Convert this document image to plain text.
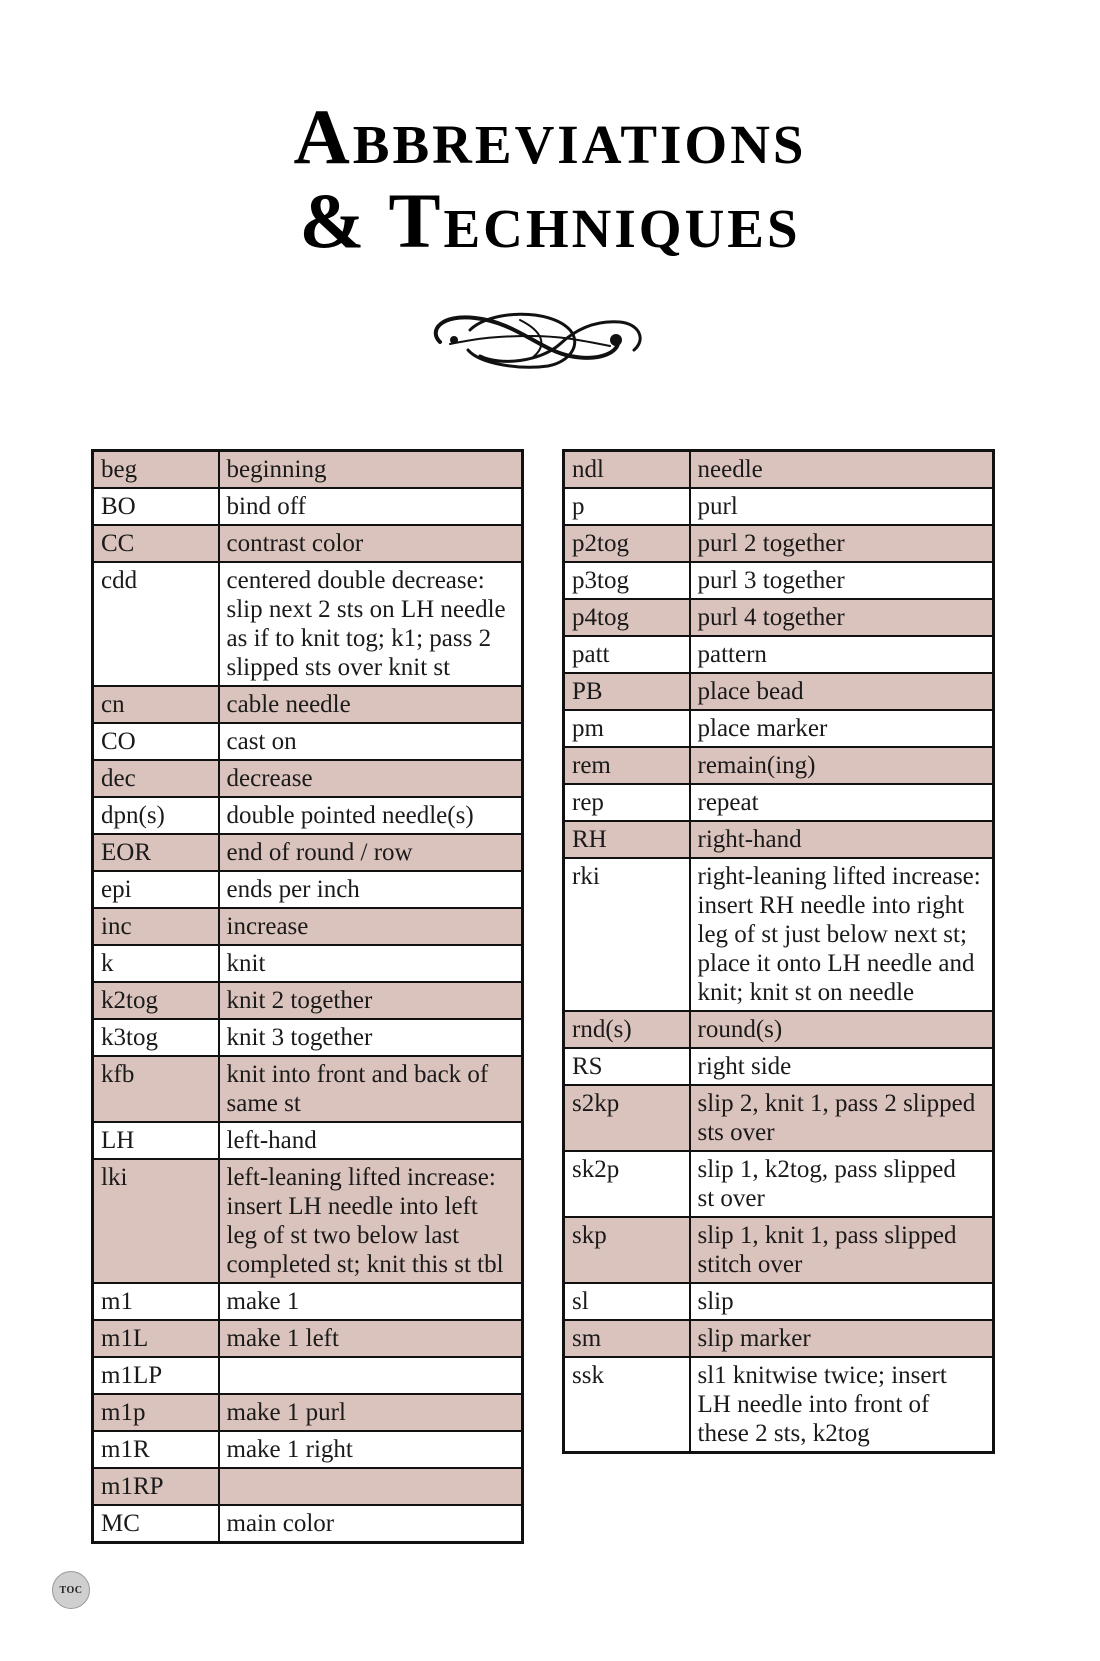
Abbreviations
& Techniques
beg	beginning
BO	bind off
CC	contrast color
cdd	centered double decrease:
slip next 2 sts on LH needle
as if to knit tog; k1; pass 2
slipped sts over knit st
cn	cable needle
CO	cast on
dec	decrease
dpn(s)	double pointed needle(s)
EOR	end of round / row
epi	ends per inch
inc	increase
k	knit
k2tog	knit 2 together
k3tog	knit 3 together
kfb	knit into front and back of
same st
LH	left-hand
lki	left-leaning lifted increase:
insert LH needle into left
leg of st two below last
completed st; knit this st tbl
m1	make 1
m1L	make 1 left
m1LP	
m1p	make 1 purl
m1R	make 1 right
m1RP	
MC	main color
ndl	needle
p	purl
p2tog	purl 2 together
p3tog	purl 3 together
p4tog	purl 4 together
patt	pattern
PB	place bead
pm	place marker
rem	remain(ing)
rep	repeat
RH	right-hand
rki	right-leaning lifted increase:
insert RH needle into right
leg of st just below next st;
place it onto LH needle and
knit; knit st on needle
rnd(s)	round(s)
RS	right side
s2kp	slip 2, knit 1, pass 2 slipped
sts over
sk2p	slip 1, k2tog, pass slipped
st over
skp	slip 1, knit 1, pass slipped
stitch over
sl	slip
sm	slip marker
ssk	sl1 knitwise twice; insert
LH needle into front of
these 2 sts, k2tog
TOC
